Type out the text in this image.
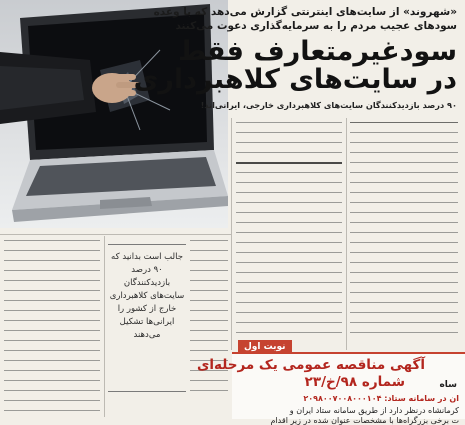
«شهروند» از سایت‌های اینترنتی گزارش می‌دهد که با وعده
سودهای عجیب مردم را به سرمایه‌گذاری دعوت می‌کنند
سودغیرمتعارف فقط
در سایت‌های کلاهبرداری
۹۰ درصد بازدیدکنندگان سایت‌های کلاهبرداری خارجی، ایرانی‌اند!
جالب است بدانید که ۹۰ درصد بازدیدکنندگان سایت‌های کلاهبرداری خارج از کشور را ایرانی‌ها تشکیل می‌دهند
نوبت اول
آگهی مناقصه عمومی یک مرحله‌ای
شماره ۹۸/خ/۲۳	ساه
ان در سامانه ستاد: ۲۰۹۸۰۰۷۰۰۸۰۰۰۱۰۴
کرمانشاه درنظر دارد از طریق سامانه ستاد ایران و
ت برخی بزرگراه‌ها با مشخصات عنوان شده در زیر اقدام
